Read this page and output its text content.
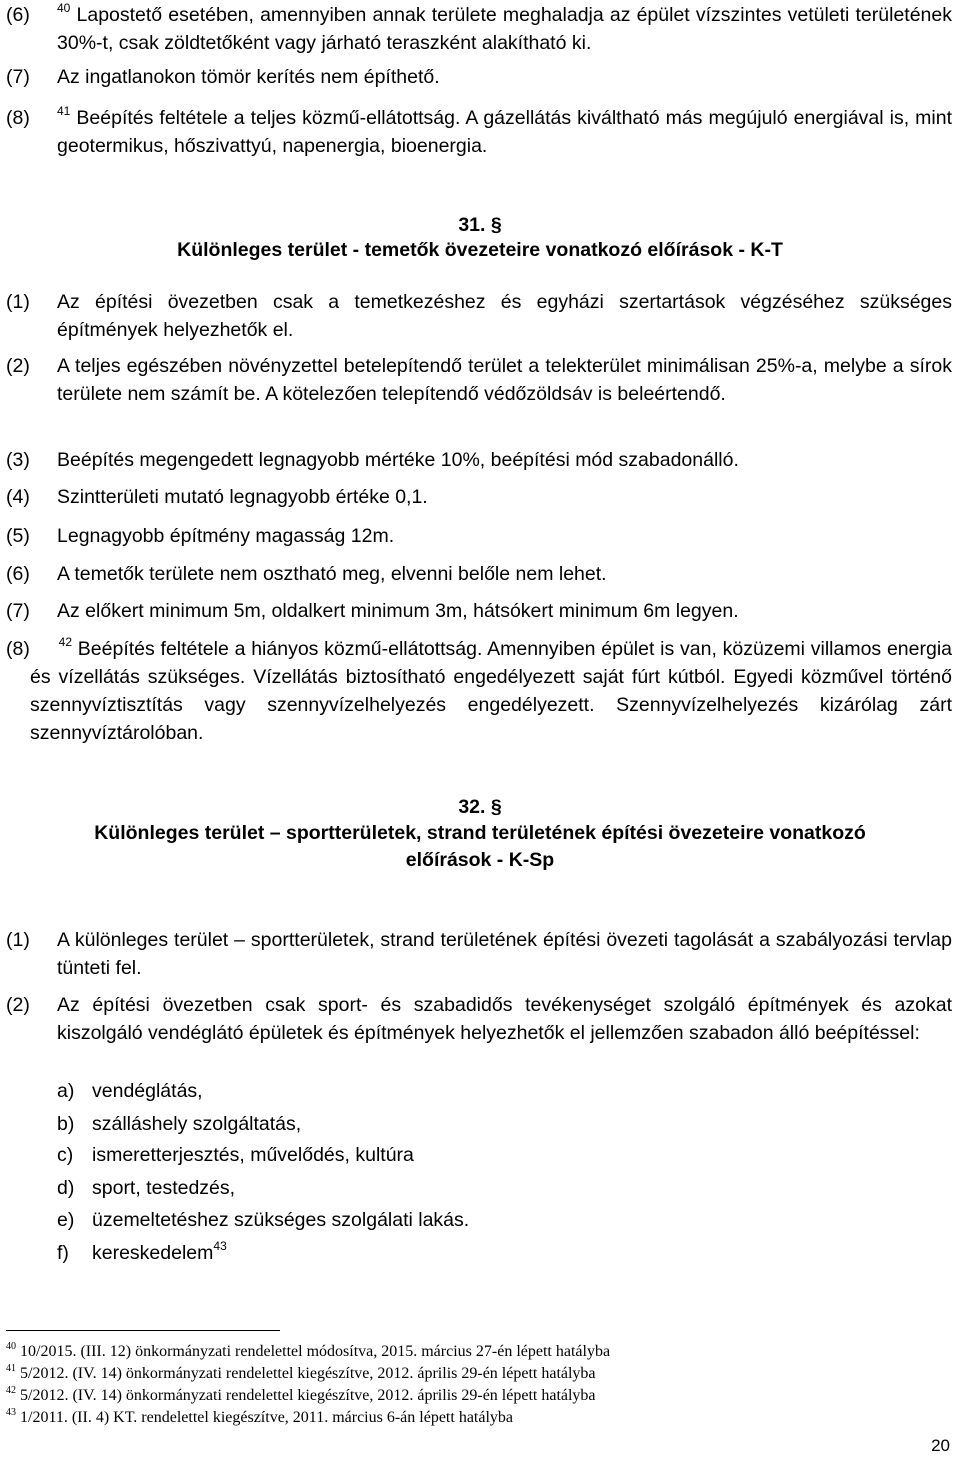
(6) $^{40}$ Lapostető esetében, amennyiben annak területe meghaladja az épület vízszintes vetületi területének 30%-t, csak zöldtetőként vagy járható teraszként alakítható ki.
(7) Az ingatlanokon tömör kerítés nem építhető.
(8) $^{41}$ Beépítés feltétele a teljes közmű-ellátottság. A gázellátás kiváltható más megújuló energiával is, mint geotermikus, hőszivattyú, napenergia, bioenergia.
31. §
Különleges terület - temetők övezeteire vonatkozó előírások - K-T
(1) Az építési övezetben csak a temetkezéshez és egyházi szertartások végzéséhez szükséges építmények helyezhetők el.
(2) A teljes egészében növényzettel betelepítendő terület a telekterület minimálisan 25%-a, melybe a sírok területe nem számít be. A kötelezően telepítendő védőzöldsáv is beleértendő.
(3) Beépítés megengedett legnagyobb mértéke 10%, beépítési mód szabadonálló.
(4) Szintterületi mutató legnagyobb értéke 0,1.
(5) Legnagyobb építmény magasság 12m.
(6) A temetők területe nem osztható meg, elvenni belőle nem lehet.
(7) Az előkert minimum 5m, oldalkert minimum 3m, hátsókert minimum 6m legyen.
(8) $^{42}$ Beépítés feltétele a hiányos közmű-ellátottság. Amennyiben épület is van, közüzemi villamos energia és vízellátás szükséges. Vízellátás biztosítható engedélyezett saját fúrt kútból. Egyedi közművel történő szennyvíztisztítás vagy szennyvízelhelyezés engedélyezett. Szennyvízelhelyezés kizárólag zárt szennyvíztárolóban.
32. §
Különleges terület – sportterületek, strand területének építési övezeteire vonatkozó
előírások - K-Sp
(1) A különleges terület – sportterületek, strand területének építési övezeti tagolását a szabályozási tervlap tünteti fel.
(2) Az építési övezetben csak sport- és szabadidős tevékenységet szolgáló építmények és azokat kiszolgáló vendéglátó épületek és építmények helyezhetők el jellemzően szabadon álló beépítéssel:
a) vendéglátás,
b) szálláshely szolgáltatás,
c) ismeretterjesztés, művelődés, kultúra
d) sport, testedzés,
e) üzemeltetéshez szükséges szolgálati lakás.
f) kereskedelem$^{43}$
$^{40}$ 10/2015. (III. 12) önkormányzati rendelettel módosítva, 2015. március 27-én lépett hatályba
$^{41}$ 5/2012. (IV. 14) önkormányzati rendelettel kiegészítve, 2012. április 29-én lépett hatályba
$^{42}$ 5/2012. (IV. 14) önkormányzati rendelettel kiegészítve, 2012. április 29-én lépett hatályba
$^{43}$ 1/2011. (II. 4) KT. rendelettel kiegészítve, 2011. március 6-án lépett hatályba
20
